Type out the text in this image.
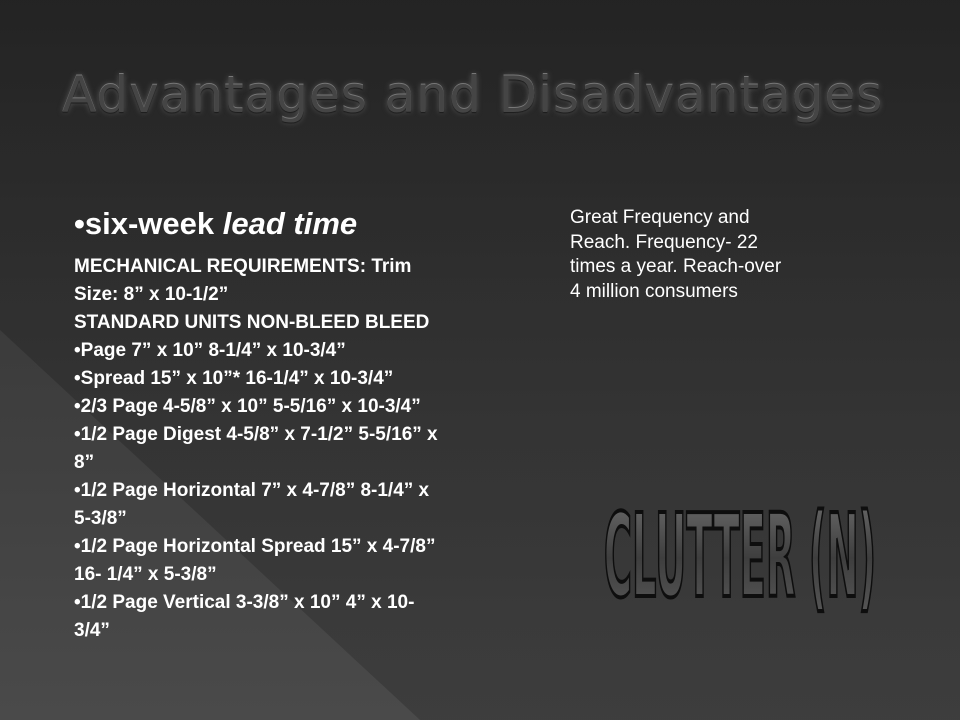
Advantages and Disadvantages
•six-week lead time
MECHANICAL REQUIREMENTS: Trim
Size: 8” x 10-1/2”
STANDARD UNITS NON-BLEED BLEED
•Page 7” x 10” 8-1/4” x 10-3/4”
•Spread 15” x 10”* 16-1/4” x 10-3/4”
•2/3 Page 4-5/8” x 10” 5-5/16” x 10-3/4”
•1/2 Page Digest 4-5/8” x 7-1/2” 5-5/16” x
8”
•1/2 Page Horizontal 7” x 4-7/8” 8-1/4” x
5-3/8”
•1/2 Page Horizontal Spread 15” x 4-7/8”
16- 1/4” x 5-3/8”
•1/2 Page Vertical 3-3/8” x 10” 4” x 10-
3/4”
Great Frequency and
Reach. Frequency- 22
times a year. Reach-over
4 million consumers
CLUTTER (N)
